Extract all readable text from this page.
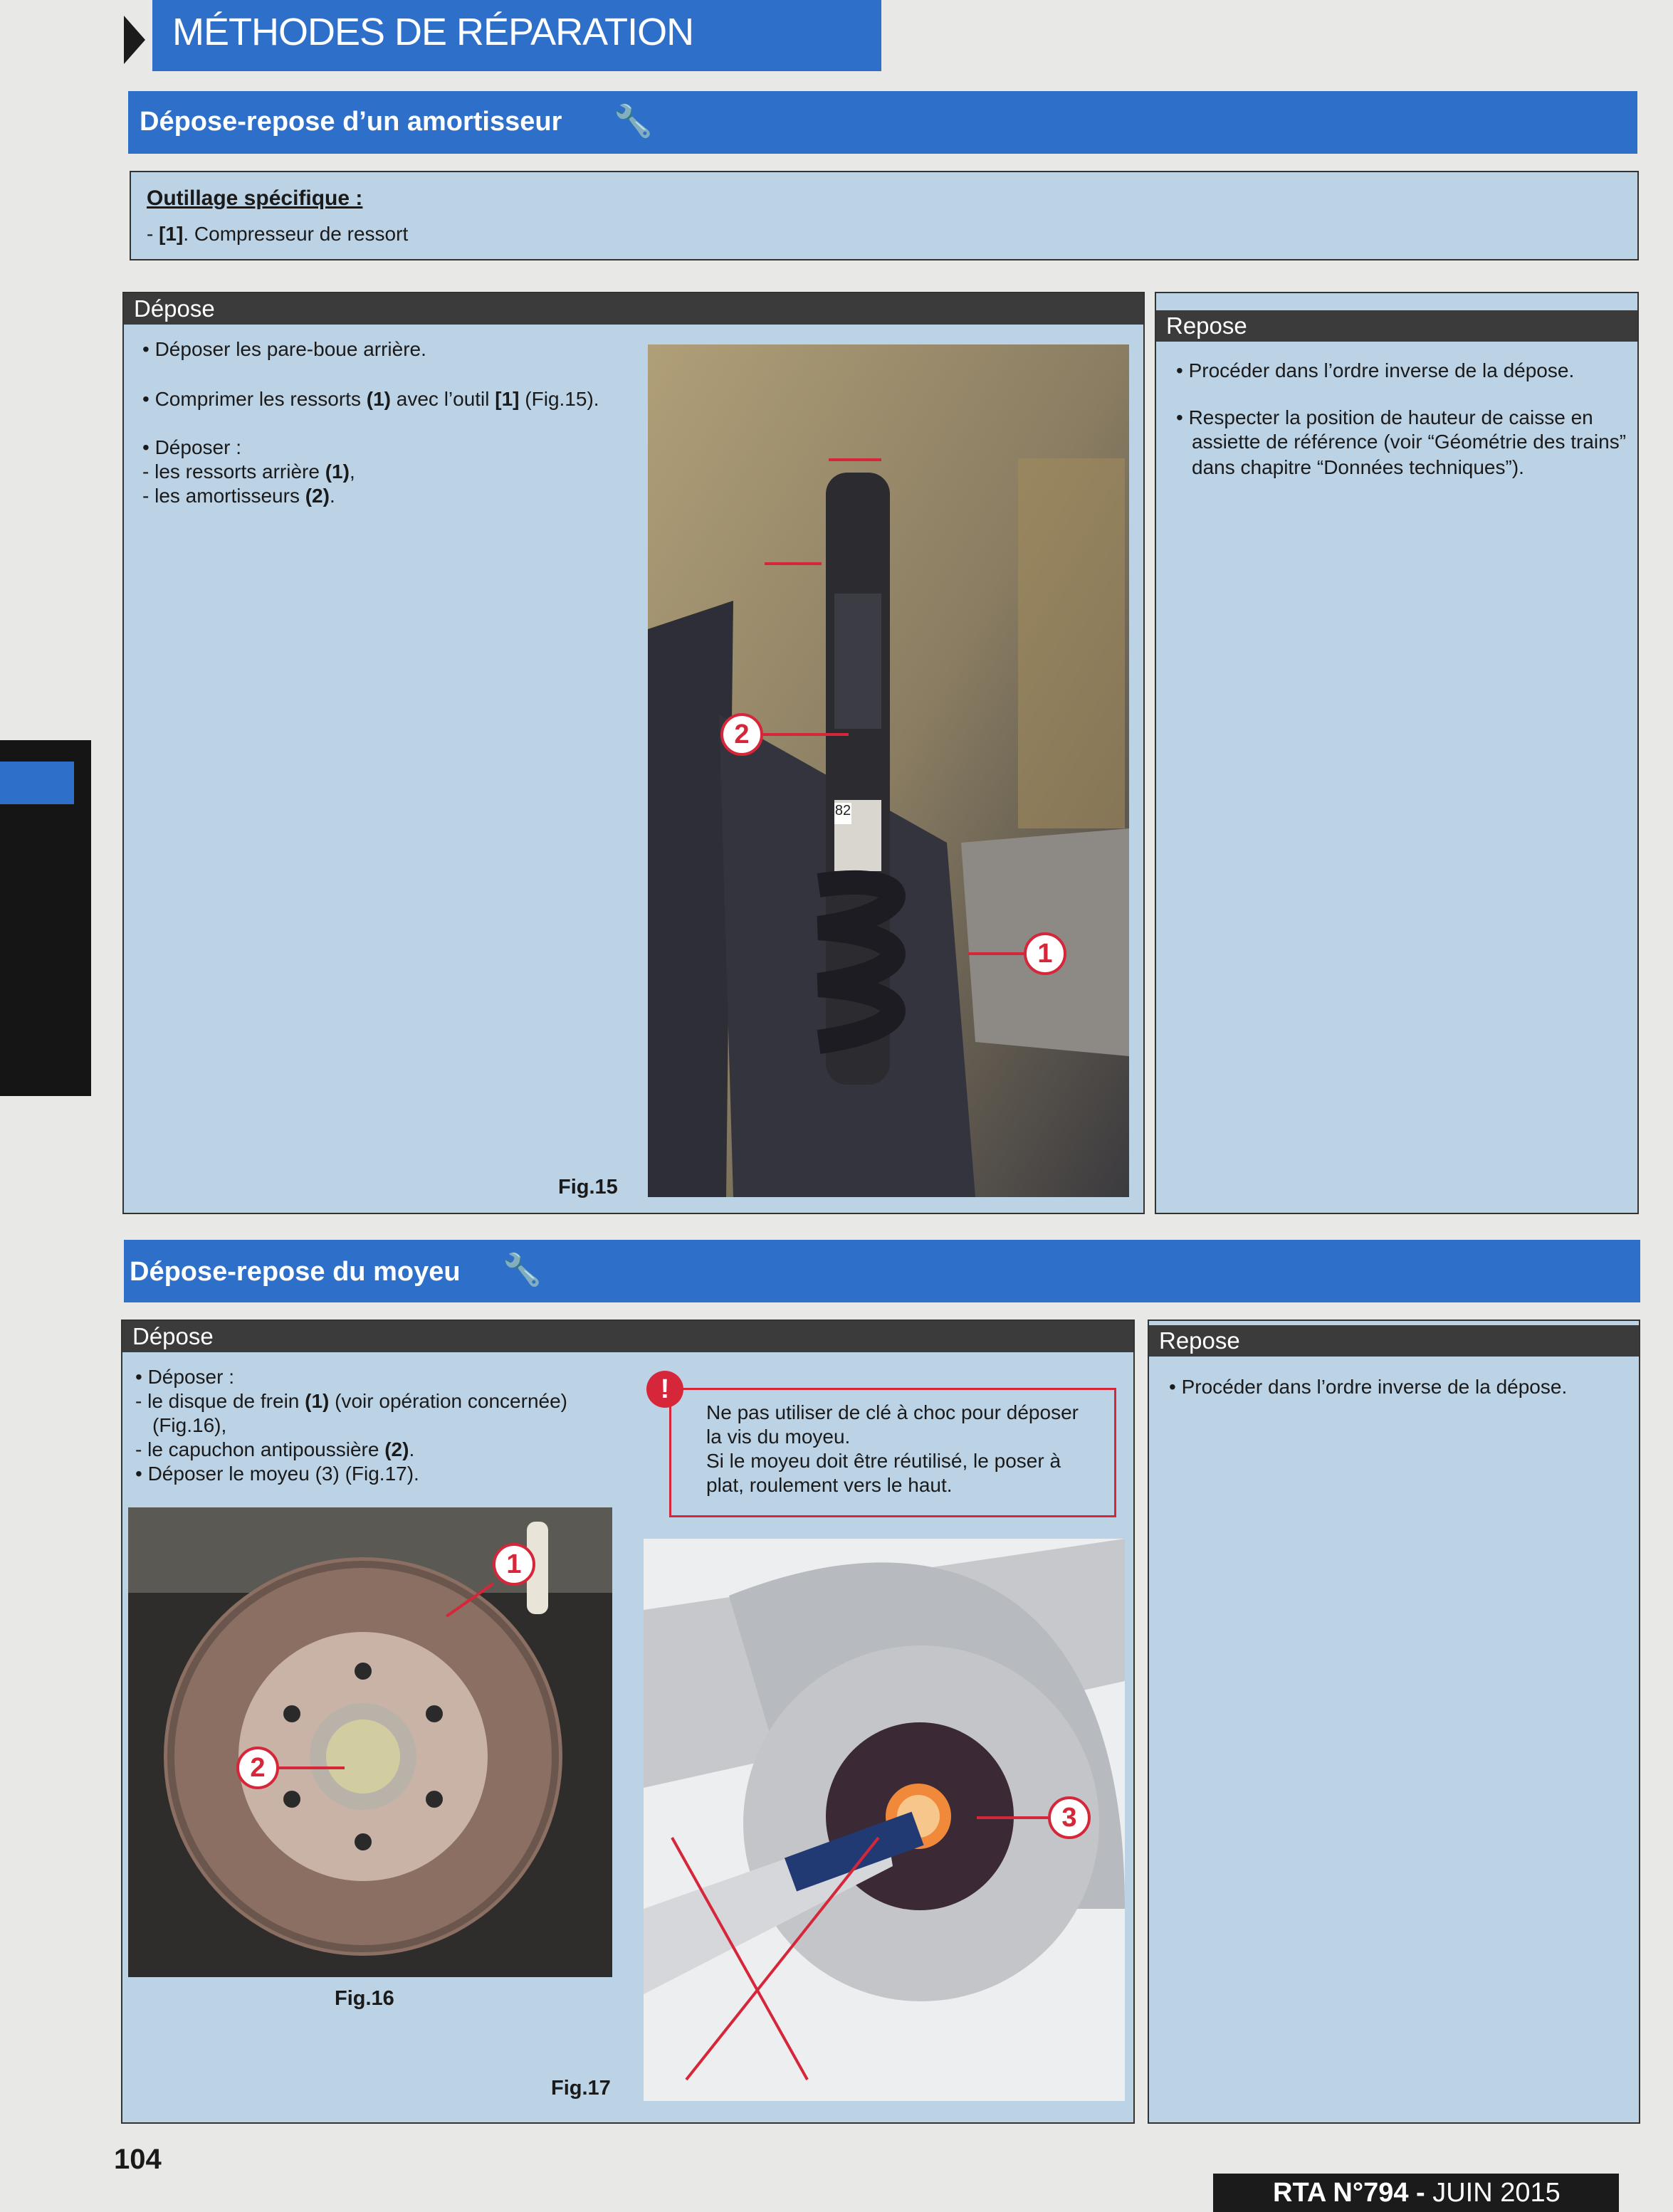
MÉTHODES DE RÉPARATION
Dépose-repose d’un amortisseur 🔧
Outillage spécifique :
- [1]. Compresseur de ressort
Dépose
• Déposer les pare-boue arrière.
• Comprimer les ressorts (1) avec l’outil [1] (Fig.15).
• Déposer :
- les ressorts arrière (1),
- les amortisseurs (2).
82
2
1
Fig.15
Repose
• Procéder dans l’ordre inverse de la dépose.
• Respecter la position de hauteur de caisse en
assiette de référence (voir “Géométrie des trains”
dans chapitre “Données techniques”).
Dépose-repose du moyeu 🔧
Dépose
• Déposer :
- le disque de frein (1) (voir opération concernée)
(Fig.16),
- le capuchon antipoussière (2).
• Déposer le moyeu (3) (Fig.17).
!
Ne pas utiliser de clé à choc pour déposer
la vis du moyeu.
Si le moyeu doit être réutilisé, le poser à
plat, roulement vers le haut.
1
2
Fig.16
3
Fig.17
Repose
• Procéder dans l’ordre inverse de la dépose.
104
RTA N°794 - JUIN 2015
